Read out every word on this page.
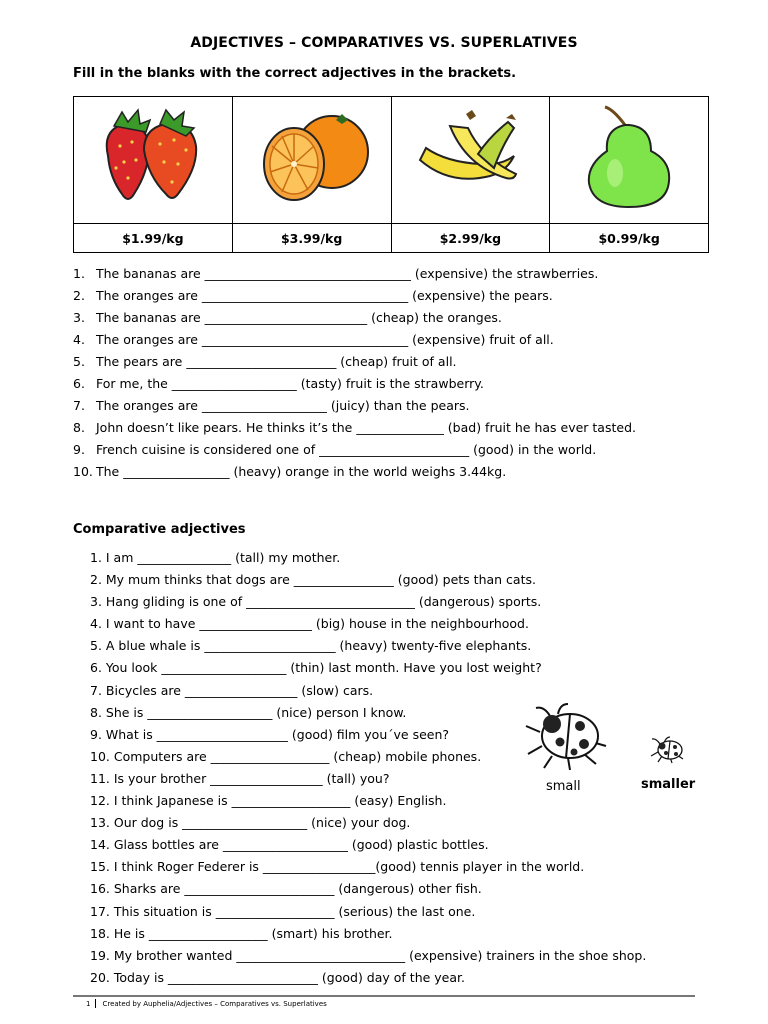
ADJECTIVES – COMPARATIVES VS. SUPERLATIVES
Fill in the blanks with the correct adjectives in the brackets.

$1.99/kg	$3.99/kg	$2.99/kg	$0.99/kg
1. The bananas are _________________________________ (expensive) the strawberries.
2. The oranges are _________________________________ (expensive) the pears.
3. The bananas are __________________________ (cheap) the oranges.
4. The oranges are _________________________________ (expensive) fruit of all.
5. The pears are ________________________ (cheap) fruit of all.
6. For me, the ____________________ (tasty) fruit is the strawberry.
7. The oranges are ____________________ (juicy) than the pears.
8. John doesn’t like pears. He thinks it’s the ______________ (bad) fruit he has ever tasted.
9. French cuisine is considered one of ________________________ (good) in the world.
10. The _________________ (heavy) orange in the world weighs 3.44kg.
Comparative adjectives
1. I am _______________ (tall) my mother.
2. My mum thinks that dogs are ________________ (good) pets than cats.
3. Hang gliding is one of ___________________________ (dangerous) sports.
4. I want to have __________________ (big) house in the neighbourhood.
5. A blue whale is _____________________ (heavy) twenty-five elephants.
6. You look ____________________ (thin) last month. Have you lost weight?
7. Bicycles are __________________ (slow) cars.
8. She is ____________________ (nice) person I know.
9. What is _____________________ (good) film you´ve seen?
10. Computers are ___________________ (cheap) mobile phones.
11. Is your brother __________________ (tall) you?
12. I think Japanese is ___________________ (easy) English.
13. Our dog is ____________________ (nice) your dog.
14. Glass bottles are ____________________ (good) plastic bottles.
15. I think Roger Federer is __________________(good) tennis player in the world.
16. Sharks are ________________________ (dangerous) other fish.
17. This situation is ___________________ (serious) the last one.
18. He is ___________________ (smart) his brother.
19. My brother wanted ___________________________ (expensive) trainers in the shoe shop.
20. Today is ________________________ (good) day of the year.
small	smaller
1 Created by Auphelia/Adjectives – Comparatives vs. Superlatives
